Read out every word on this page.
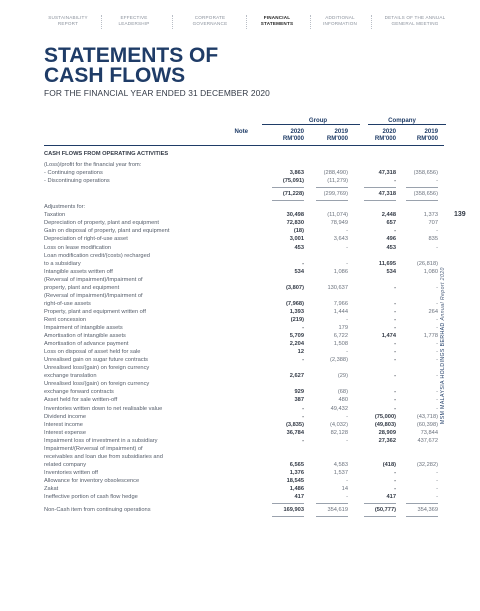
SUSTAINABILITY
REPORT
EFFECTIVE
LEADERSHIP
CORPORATE
GOVERNANCE
FINANCIAL
STATEMENTS
ADDITIONAL
INFORMATION
DETAILS OF THE ANNUAL
GENERAL MEETING
STATEMENTS OF
CASH FLOWS
FOR THE FINANCIAL YEAR ENDED 31 DECEMBER 2020
Group	Company
Note	2020
RM'000
2019
RM'000
2020
RM'000
2019
RM'000
CASH FLOWS FROM OPERATING ACTIVITIES
(Loss)/profit for the financial year from:
- Continuing operations	3,863	(288,490)	47,318	(358,656)
- Discontinuing operations	(75,091)	(11,279)	-	-
(71,228)	(299,769)	47,318	(358,656)
Adjustments for:
Taxation	30,498	(11,074)	2,448	1,373
Depreciation of property, plant and equipment	72,830	78,949	657	707
Gain on disposal of property, plant and equipment	(18)	-	-	-
Depreciation of right-of-use asset	3,001	3,643	496	835
Loss on lease modification	453	-	453	-
Loan modification credit/(costs) recharged
to a subsidiary	-	-	11,695	(26,818)
Intangible assets written off	534	1,086	534	1,080
(Reversal of impairment)/Impairment of
property, plant and equipment	(3,807)	130,637	-	-
(Reversal of impairment)/Impairment of
right-of-use assets	(7,968)	7,966	-	-
Property, plant and equipment written off	1,393	1,444	-	264
Rent concession	(219)	-	-	-
Impairment of intangible assets	-	179	-	-
Amortisation of intangible assets	5,709	6,722	1,474	1,778
Amortisation of advance payment	2,204	1,508	-	-
Loss on disposal of asset held for sale	12	-	-	-
Unrealised gain on sugar future contracts	-	(2,388)	-	-
Unrealised loss/(gain) on foreign currency
exchange translation	2,627	(29)	-	-
Unrealised loss/(gain) on foreign currency
exchange forward contracts	929	(68)	-	-
Asset held for sale written-off	387	480	-	-
Inventories written down to net realisable value	-	49,432	-	-
Dividend income	-	-	(75,000)	(43,718)
Interest income	(3,835)	(4,032)	(49,803)	(60,398)
Interest expense	36,784	82,128	28,909	73,844
Impairment loss of investment in a subsidiary	-	-	27,362	437,672
Impairment/(Reversal of impairment) of
receivables and loan due from subsidiaries and
related company	6,565	4,583	(418)	(32,282)
Inventories written off	1,376	1,537	-	-
Allowance for inventory obsolescence	18,545	-	-	-
Zakat	1,486	14	-	-
Ineffective portion of cash flow hedge	417	-	417	-
Non-Cash item from continuing operations	169,903	354,619	(50,777)	354,369
139
MSM MALAYSIA HOLDINGS BERHAD Annual Report 2020
